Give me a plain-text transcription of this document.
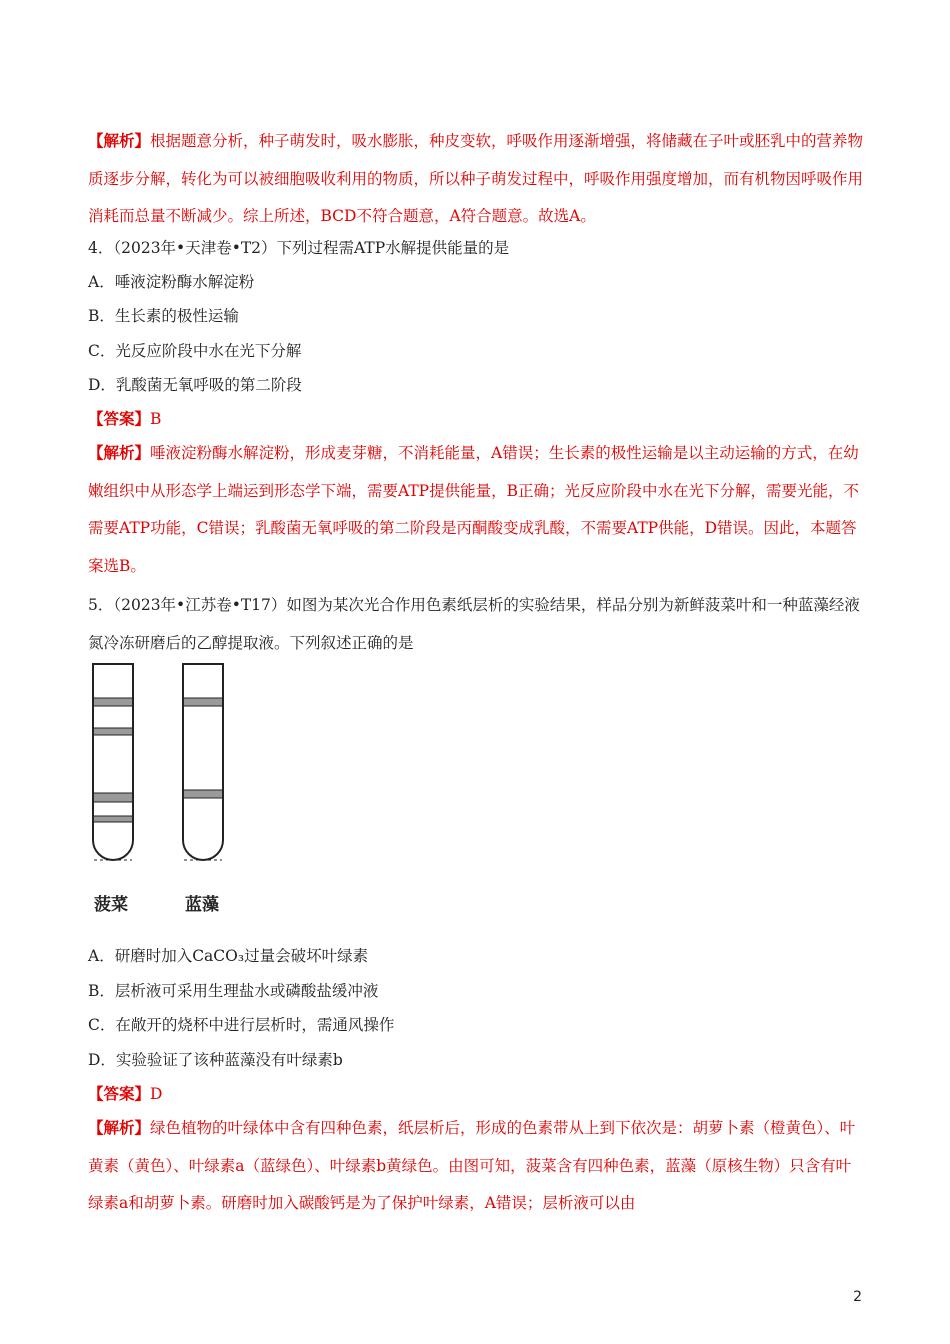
【解析】根据题意分析，种子萌发时，吸水膨胀，种皮变软，呼吸作用逐渐增强，将储藏在子叶或胚乳中的营养物质逐步分解，转化为可以被细胞吸收利用的物质，所以种子萌发过程中，呼吸作用强度增加，而有机物因呼吸作用消耗而总量不断减少。综上所述，BCD不符合题意，A符合题意。故选A。
4．（2023年•天津卷•T2）下列过程需ATP水解提供能量的是
A．唾液淀粉酶水解淀粉
B．生长素的极性运输
C．光反应阶段中水在光下分解
D．乳酸菌无氧呼吸的第二阶段
【答案】B
【解析】唾液淀粉酶水解淀粉，形成麦芽糖，不消耗能量，A错误；生长素的极性运输是以主动运输的方式，在幼嫩组织中从形态学上端运到形态学下端，需要ATP提供能量，B正确；光反应阶段中水在光下分解，需要光能，不需要ATP功能，C错误；乳酸菌无氧呼吸的第二阶段是丙酮酸变成乳酸，不需要ATP供能，D错误。因此，本题答案选B。
5．（2023年•江苏卷•T17）如图为某次光合作用色素纸层析的实验结果，样品分别为新鲜菠菜叶和一种蓝藻经液氮冷冻研磨后的乙醇提取液。下列叙述正确的是
菠菜	蓝藻
A．研磨时加入CaCO₃过量会破坏叶绿素
B．层析液可采用生理盐水或磷酸盐缓冲液
C．在敞开的烧杯中进行层析时，需通风操作
D．实验验证了该种蓝藻没有叶绿素b
【答案】D
【解析】绿色植物的叶绿体中含有四种色素，纸层析后，形成的色素带从上到下依次是：胡萝卜素（橙黄色）、叶黄素（黄色）、叶绿素a（蓝绿色）、叶绿素b黄绿色。由图可知，菠菜含有四种色素，蓝藻（原核生物）只含有叶绿素a和胡萝卜素。研磨时加入碳酸钙是为了保护叶绿素，A错误；层析液可以由
2
